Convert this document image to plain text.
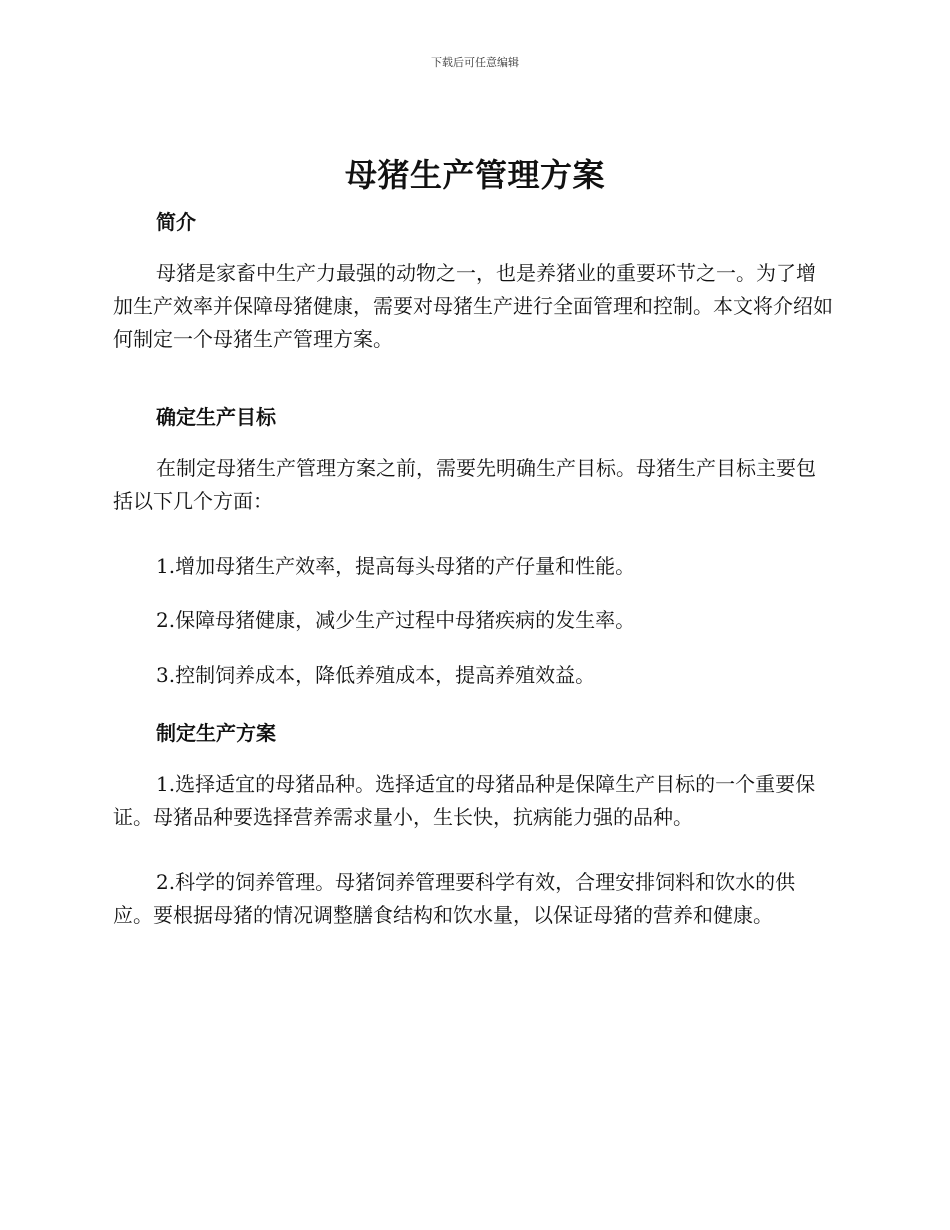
下载后可任意编辑
母猪生产管理方案
简介
母猪是家畜中生产力最强的动物之一，也是养猪业的重要环节之一。为了增加生产效率并保障母猪健康，需要对母猪生产进行全面管理和控制。本文将介绍如何制定一个母猪生产管理方案。
确定生产目标
在制定母猪生产管理方案之前，需要先明确生产目标。母猪生产目标主要包括以下几个方面：
1.增加母猪生产效率，提高每头母猪的产仔量和性能。
2.保障母猪健康，减少生产过程中母猪疾病的发生率。
3.控制饲养成本，降低养殖成本，提高养殖效益。
制定生产方案
1.选择适宜的母猪品种。选择适宜的母猪品种是保障生产目标的一个重要保证。母猪品种要选择营养需求量小，生长快，抗病能力强的品种。
2.科学的饲养管理。母猪饲养管理要科学有效，合理安排饲料和饮水的供应。要根据母猪的情况调整膳食结构和饮水量，以保证母猪的营养和健康。
